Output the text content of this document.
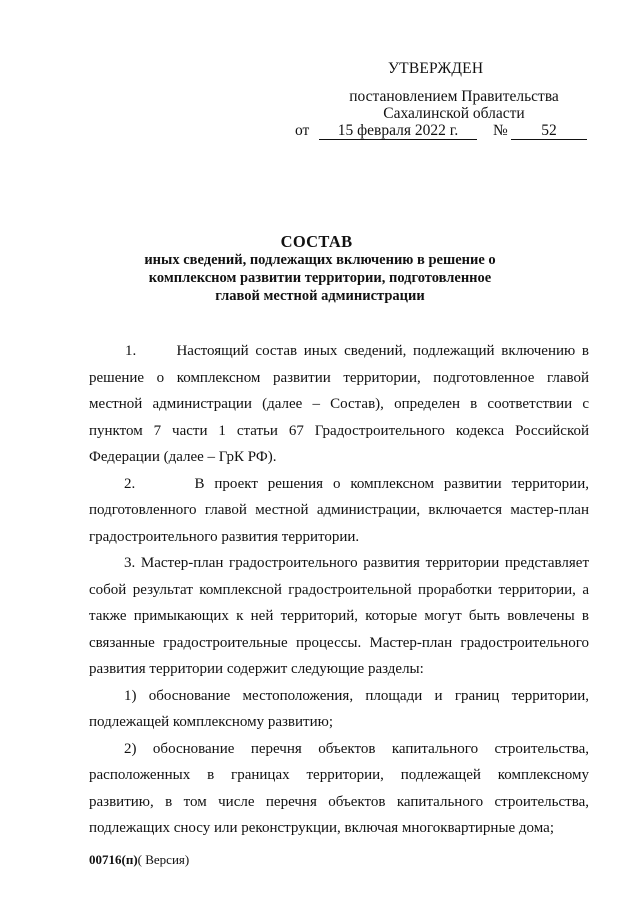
УТВЕРЖДЕН
постановлением Правительства
Сахалинской области
от	15 февраля 2022 г.	№	52
СОСТАВ
иных сведений, подлежащих включению в решение о
комплексном развитии территории, подготовленное
главой местной администрации

1.      Настоящий состав иных сведений, подлежащий включению в решение о комплексном развитии территории, подготовленное главой местной администрации (далее – Состав), определен в соответствии с пунктом 7 части 1 статьи 67 Градостроительного кодекса Российской Федерации (далее – ГрК РФ).

2.      В проект решения о комплексном развитии территории, подготовленного главой местной администрации, включается мастер-план градостроительного развития территории.

3. Мастер-план градостроительного развития территории представляет собой результат комплексной градостроительной проработки территории, а также примыкающих к ней территорий, которые могут быть вовлечены в связанные градостроительные процессы. Мастер-план градостроительного развития территории содержит следующие разделы:

1) обоснование местоположения, площади и границ территории, подлежащей комплексному развитию;

2) обоснование перечня объектов капитального строительства, расположенных в границах территории, подлежащей комплексному развитию, в том числе перечня объектов капитального строительства, подлежащих сносу или реконструкции, включая многоквартирные дома;

00716(п)( Версия)
